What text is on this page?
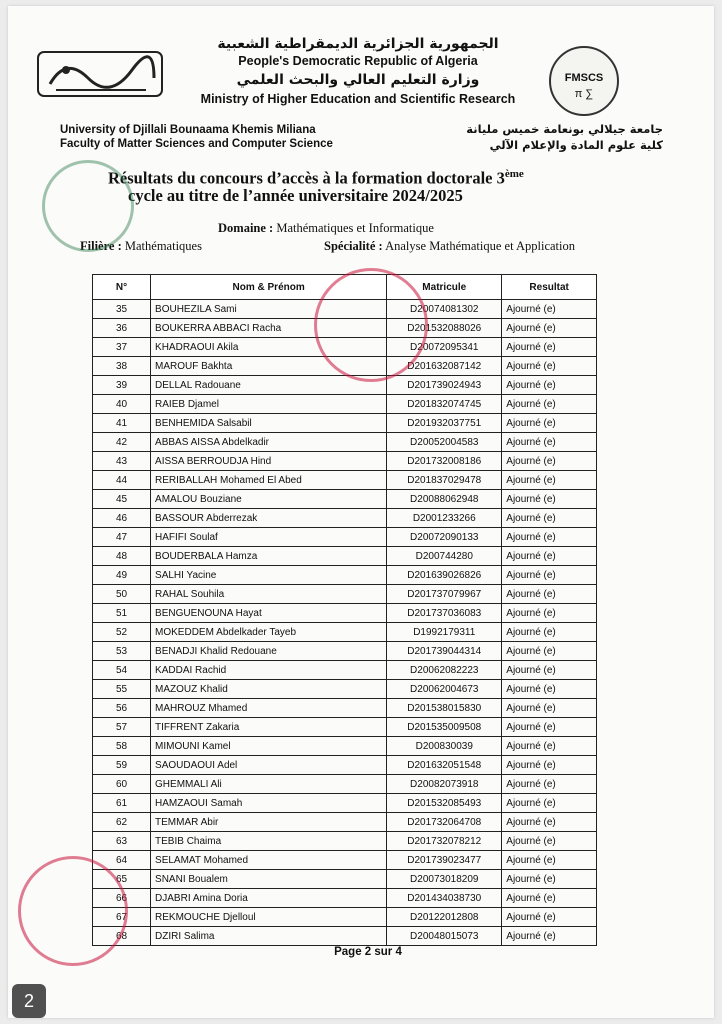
FMSCS
π ∑
الجمهورية الجزائرية الديمقراطية الشعبية
People's Democratic Republic of Algeria
وزارة التعليم العالي والبحث العلمي
Ministry of Higher Education and Scientific Research
University of Djillali Bounaama Khemis Miliana
Faculty of Matter Sciences and Computer Science
جامعة جيلالي بونعامة خميس مليانة
كلية علوم المادة والإعلام الآلي
Résultats du concours d’accès à la formation doctorale 3ème
cycle au titre de l’année universitaire 2024/2025
Domaine : Mathématiques et Informatique
Filière : Mathématiques	Spécialité : Analyse Mathématique et Application
N°	Nom & Prénom	Matricule	Resultat
35	BOUHEZILA Sami	D20074081302	Ajourné (e)
36	BOUKERRA ABBACI Racha	D201532088026	Ajourné (e)
37	KHADRAOUI Akila	D20072095341	Ajourné (e)
38	MAROUF Bakhta	D201632087142	Ajourné (e)
39	DELLAL Radouane	D201739024943	Ajourné (e)
40	RAIEB Djamel	D201832074745	Ajourné (e)
41	BENHEMIDA Salsabil	D201932037751	Ajourné (e)
42	ABBAS AISSA Abdelkadir	D20052004583	Ajourné (e)
43	AISSA BERROUDJA Hind	D201732008186	Ajourné (e)
44	RERIBALLAH Mohamed El Abed	D201837029478	Ajourné (e)
45	AMALOU Bouziane	D20088062948	Ajourné (e)
46	BASSOUR Abderrezak	D2001233266	Ajourné (e)
47	HAFIFI Soulaf	D20072090133	Ajourné (e)
48	BOUDERBALA Hamza	D200744280	Ajourné (e)
49	SALHI Yacine	D201639026826	Ajourné (e)
50	RAHAL Souhila	D201737079967	Ajourné (e)
51	BENGUENOUNA Hayat	D201737036083	Ajourné (e)
52	MOKEDDEM Abdelkader Tayeb	D1992179311	Ajourné (e)
53	BENADJI Khalid Redouane	D201739044314	Ajourné (e)
54	KADDAI Rachid	D20062082223	Ajourné (e)
55	MAZOUZ Khalid	D20062004673	Ajourné (e)
56	MAHROUZ Mhamed	D201538015830	Ajourné (e)
57	TIFFRENT Zakaria	D201535009508	Ajourné (e)
58	MIMOUNI Kamel	D200830039	Ajourné (e)
59	SAOUDAOUI Adel	D201632051548	Ajourné (e)
60	GHEMMALI Ali	D20082073918	Ajourné (e)
61	HAMZAOUI Samah	D201532085493	Ajourné (e)
62	TEMMAR Abir	D201732064708	Ajourné (e)
63	TEBIB Chaima	D201732078212	Ajourné (e)
64	SELAMAT Mohamed	D201739023477	Ajourné (e)
65	SNANI Boualem	D20073018209	Ajourné (e)
66	DJABRI Amina Doria	D201434038730	Ajourné (e)
67	REKMOUCHE Djelloul	D20122012808	Ajourné (e)
68	DZIRI Salima	D20048015073	Ajourné (e)
Page 2 sur 4
2
